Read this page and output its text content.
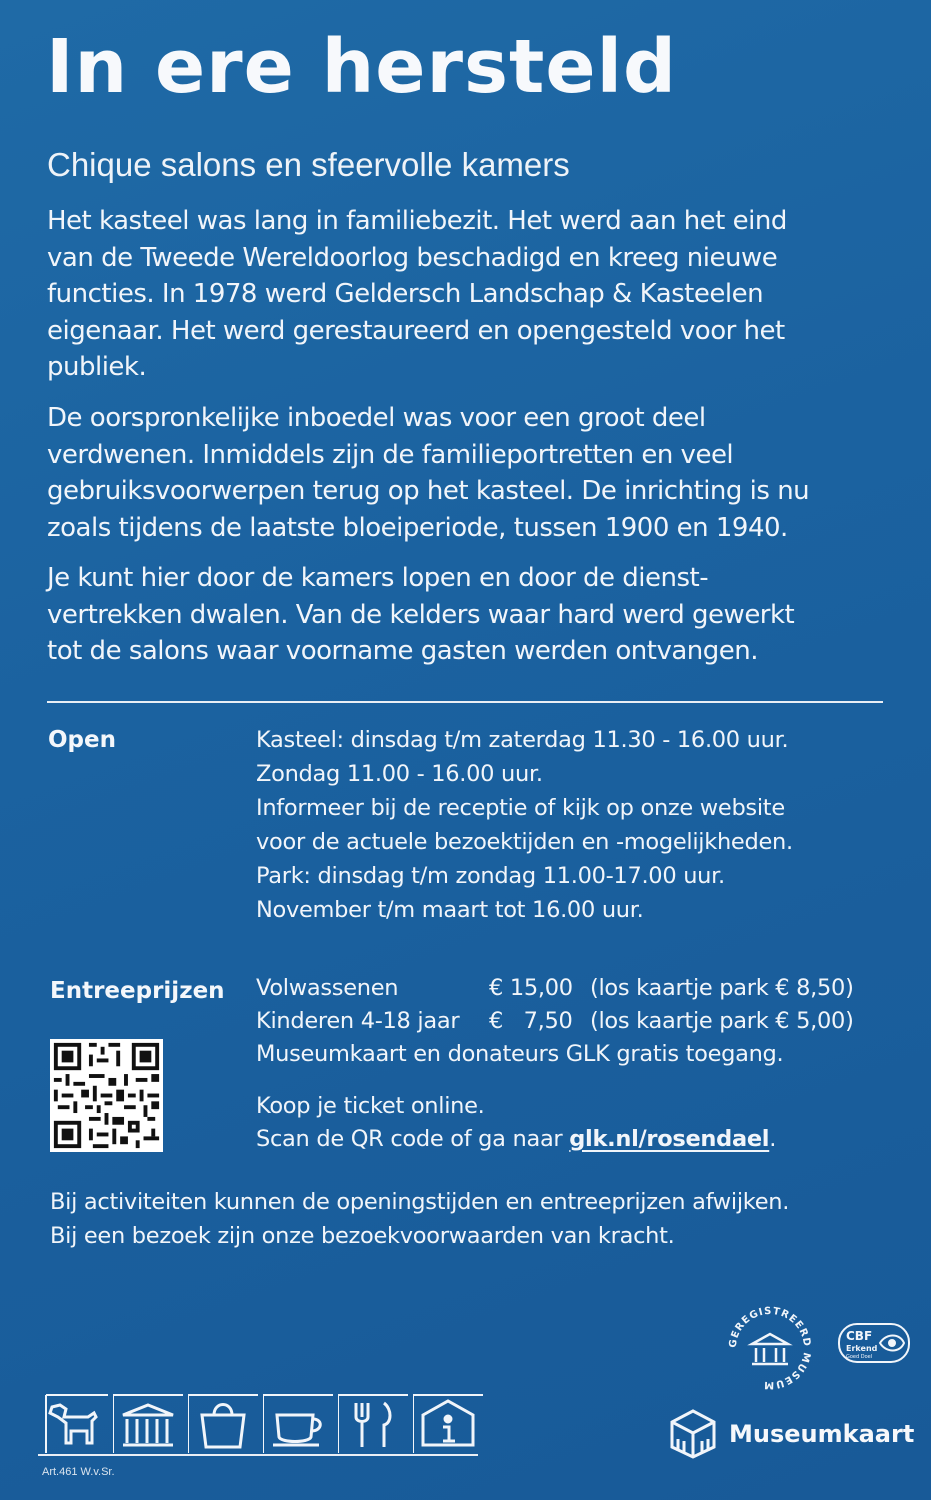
In ere hersteld
Chique salons en sfeervolle kamers
Het kasteel was lang in familiebezit. Het werd aan het eind
van de Tweede Wereldoorlog beschadigd en kreeg nieuwe
functies. In 1978 werd Geldersch Landschap & Kasteelen
eigenaar. Het werd gerestaureerd en opengesteld voor het
publiek.
De oorspronkelijke inboedel was voor een groot deel
verdwenen. Inmiddels zijn de familieportretten en veel
gebruiksvoorwerpen terug op het kasteel. De inrichting is nu
zoals tijdens de laatste bloeiperiode, tussen 1900 en 1940.
Je kunt hier door de kamers lopen en door de dienst-
vertrekken dwalen. Van de kelders waar hard werd gewerkt
tot de salons waar voorname gasten werden ontvangen.
Open	Kasteel: dinsdag t/m zaterdag 11.30 - 16.00 uur.
Zondag 11.00 - 16.00 uur.
Informeer bij de receptie of kijk op onze website
voor de actuele bezoektijden en -mogelijkheden.
Park: dinsdag t/m zondag 11.00-17.00 uur.
November t/m maart tot 16.00 uur.
Entreeprijzen Volwassenen	€ 15,00 (los kaartje park € 8,50)
Kinderen 4-18 jaar €   7,50 (los kaartje park € 5,00)
Museumkaart en donateurs GLK gratis toegang.
Koop je ticket online.
Scan de QR code of ga naar glk.nl/rosendael.
Bij activiteiten kunnen de openingstijden en entreeprijzen afwijken.
Bij een bezoek zijn onze bezoekvoorwaarden van kracht.
Art.461 W.v.Sr.
GEREGISTREERD MUSEUM
CBF
Erkend
Goed Doel
Museumkaart
